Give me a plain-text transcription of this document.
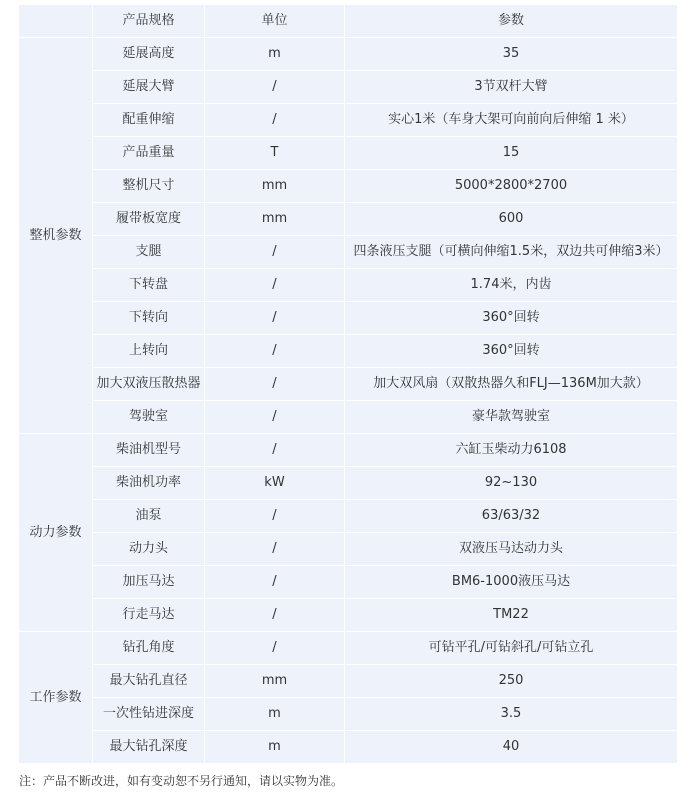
	产品规格	单位	参数
整机参数	延展高度	m	35
	延展大臂	/	3节双杆大臂
	配重伸缩	/	实心1米（车身大架可向前向后伸缩 1 米）
	产品重量	T	15
	整机尺寸	mm	5000*2800*2700
	履带板宽度	mm	600
	支腿	/	四条液压支腿（可横向伸缩1.5米，双边共可伸缩3米）
	下转盘	/	1.74米，内齿
	下转向	/	360°回转
	上转向	/	360°回转
	加大双液压散热器	/	加大双风扇（双散热器久和FLJ—136M加大款）
	驾驶室	/	豪华款驾驶室
动力参数	柴油机型号	/	六缸玉柴动力6108
	柴油机功率	kW	92~130
	油泵	/	63/63/32
	动力头	/	双液压马达动力头
	加压马达	/	BM6-1000液压马达
	行走马达	/	TM22
工作参数	钻孔角度	/	可钻平孔/可钻斜孔/可钻立孔
	最大钻孔直径	mm	250
	一次性钻进深度	m	3.5
	最大钻孔深度	m	40
注：产品不断改进，如有变动恕不另行通知，请以实物为准。
